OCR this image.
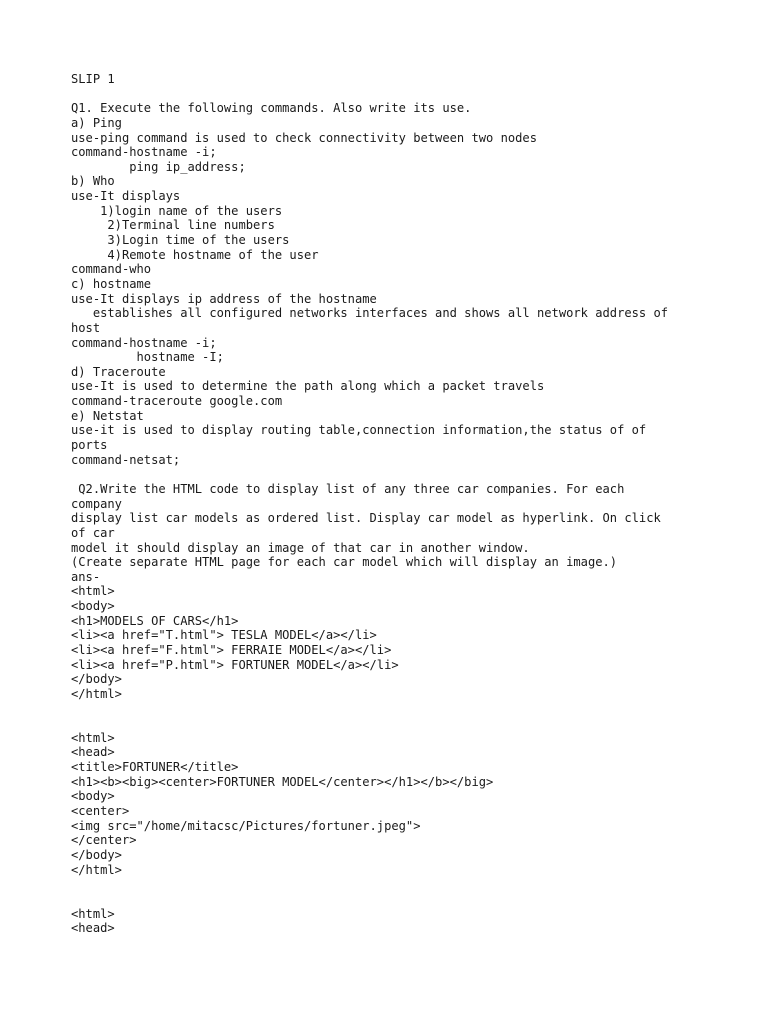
SLIP 1
Q1. Execute the following commands. Also write its use.
a) Ping
use-ping command is used to check connectivity between two nodes
command-hostname -i;
ping ip_address;
b) Who
use-It displays
1)login name of the users
2)Terminal line numbers
3)Login time of the users
4)Remote hostname of the user
command-who
c) hostname
use-It displays ip address of the hostname
establishes all configured networks interfaces and shows all network address of
host
command-hostname -i;
hostname -I;
d) Traceroute
use-It is used to determine the path along which a packet travels
command-traceroute google.com
e) Netstat
use-it is used to display routing table,connection information,the status of of
ports
command-netsat;
Q2.Write the HTML code to display list of any three car companies. For each
company
display list car models as ordered list. Display car model as hyperlink. On click
of car
model it should display an image of that car in another window.
(Create separate HTML page for each car model which will display an image.)
ans-
<html>
<body>
<h1>MODELS OF CARS</h1>
<li><a href="T.html"> TESLA MODEL</a></li>
<li><a href="F.html"> FERRAIE MODEL</a></li>
<li><a href="P.html"> FORTUNER MODEL</a></li>
</body>
</html>
<html>
<head>
<title>FORTUNER</title>
<h1><b><big><center>FORTUNER MODEL</center></h1></b></big>
<body>
<center>
<img src="/home/mitacsc/Pictures/fortuner.jpeg">
</center>
</body>
</html>
<html>
<head>
